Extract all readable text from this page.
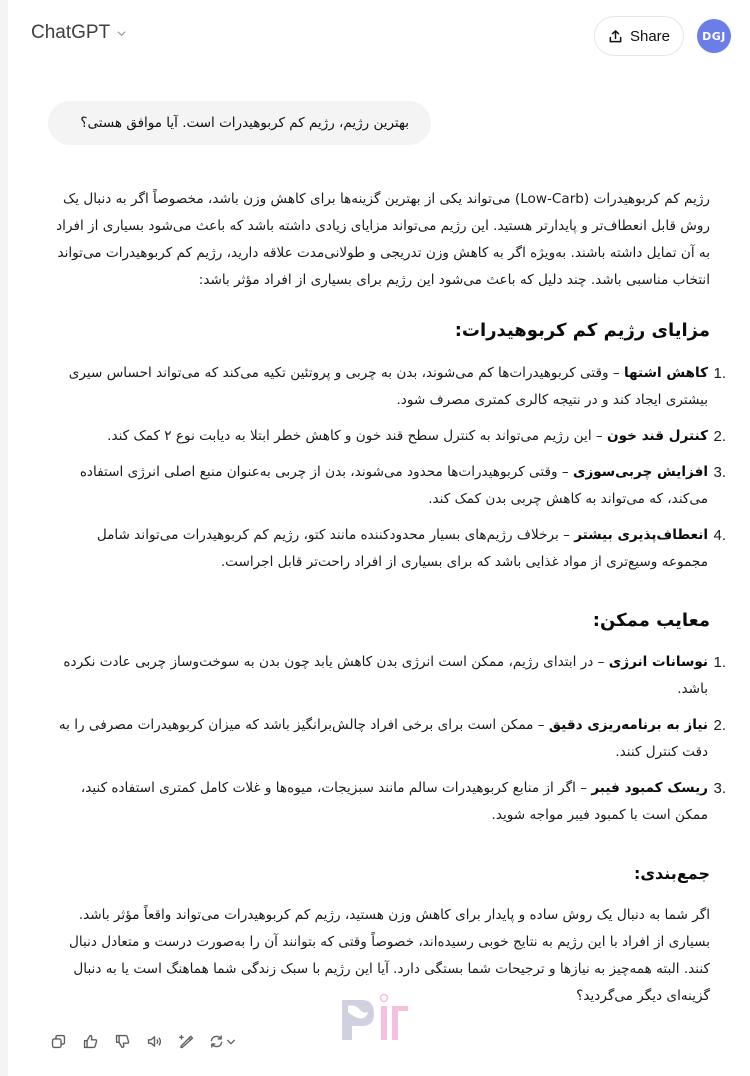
ChatGPT	Share	DGJ
بهترین رژیم، رژیم کم کربوهیدرات است. آیا موافق هستی؟
رژیم کم کربوهیدرات (Low-Carb) می‌تواند یکی از بهترین گزینه‌ها برای کاهش وزن باشد، مخصوصاً اگر به دنبال یک روش قابل انعطاف‌تر و پایدارتر هستید. این رژیم می‌تواند مزایای زیادی داشته باشد که باعث می‌شود بسیاری از افراد به آن تمایل داشته باشند. به‌ویژه اگر به کاهش وزن تدریجی و طولانی‌مدت علاقه دارید، رژیم کم کربوهیدرات می‌تواند انتخاب مناسبی باشد. چند دلیل که باعث می‌شود این رژیم برای بسیاری از افراد مؤثر باشد:
مزایای رژیم کم کربوهیدرات:
1.
کاهش اشتها – وقتی کربوهیدرات‌ها کم می‌شوند، بدن به چربی و پروتئین تکیه می‌کند که می‌تواند احساس سیری بیشتری ایجاد کند و در نتیجه کالری کمتری مصرف شود.
2.
کنترل قند خون – این رژیم می‌تواند به کنترل سطح قند خون و کاهش خطر ابتلا به دیابت نوع ۲ کمک کند.
3.
افزایش چربی‌سوزی – وقتی کربوهیدرات‌ها محدود می‌شوند، بدن از چربی به‌عنوان منبع اصلی انرژی استفاده می‌کند، که می‌تواند به کاهش چربی بدن کمک کند.
4.
انعطاف‌پذیری بیشتر – برخلاف رژیم‌های بسیار محدودکننده مانند کتو، رژیم کم کربوهیدرات می‌تواند شامل مجموعه وسیع‌تری از مواد غذایی باشد که برای بسیاری از افراد راحت‌تر قابل اجراست.
معایب ممکن:
1.
نوسانات انرژی – در ابتدای رژیم، ممکن است انرژی بدن کاهش یابد چون بدن به سوخت‌وساز چربی عادت نکرده باشد.
2.
نیاز به برنامه‌ریزی دقیق – ممکن است برای برخی افراد چالش‌برانگیز باشد که میزان کربوهیدرات مصرفی را به دقت کنترل کنند.
3.
ریسک کمبود فیبر – اگر از منابع کربوهیدرات سالم مانند سبزیجات، میوه‌ها و غلات کامل کمتری استفاده کنید، ممکن است با کمبود فیبر مواجه شوید.
جمع‌بندی:
اگر شما به دنبال یک روش ساده و پایدار برای کاهش وزن هستید، رژیم کم کربوهیدرات می‌تواند واقعاً مؤثر باشد. بسیاری از افراد با این رژیم به نتایج خوبی رسیده‌اند، خصوصاً وقتی که بتوانند آن را به‌صورت درست و متعادل دنبال کنند. البته همه‌چیز به نیازها و ترجیحات شما بستگی دارد. آیا این رژیم با سبک زندگی شما هماهنگ است یا به دنبال گزینه‌ای دیگر می‌گردید؟
